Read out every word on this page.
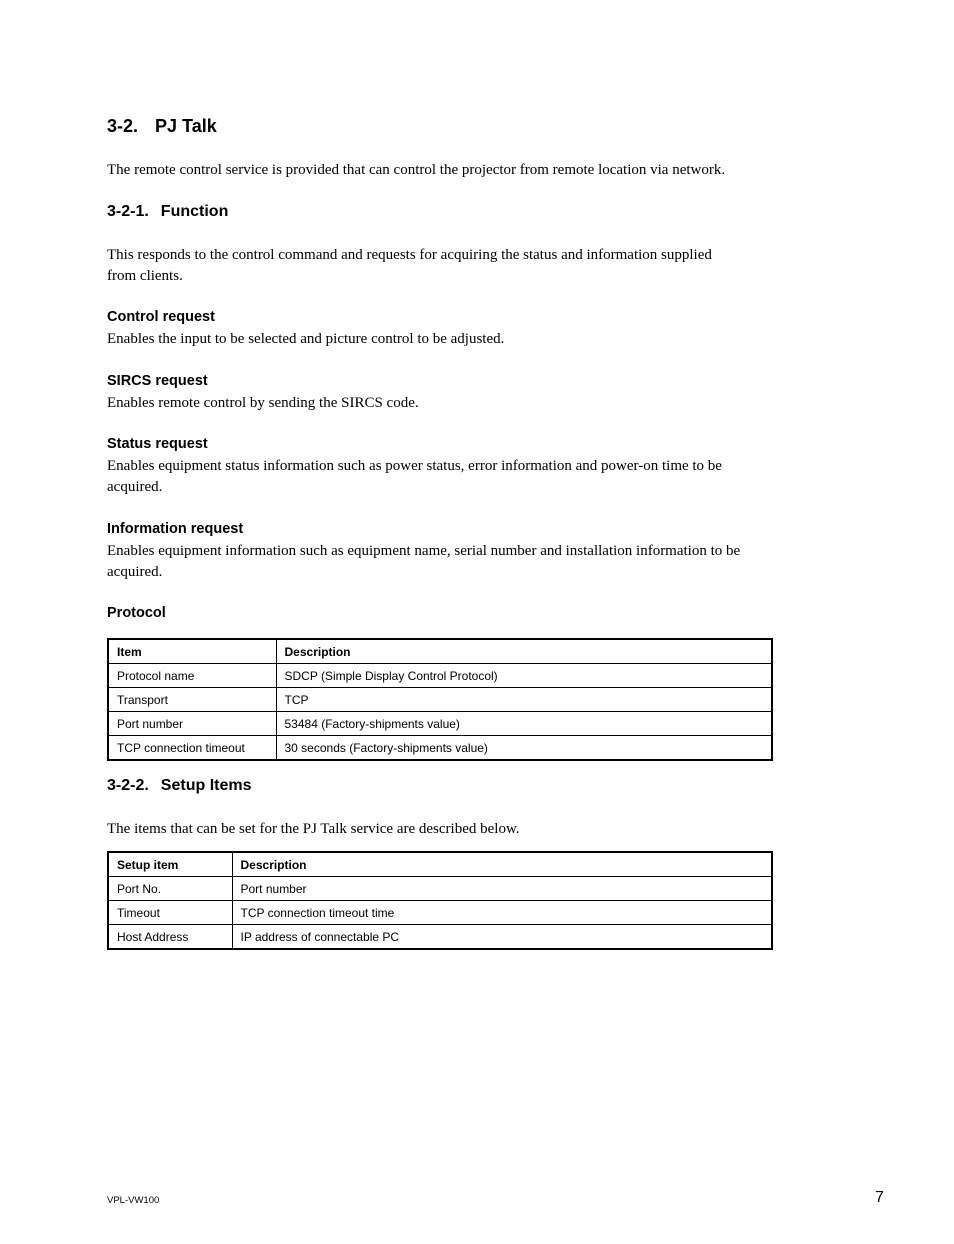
3-2. PJ Talk
The remote control service is provided that can control the projector from remote location via network.
3-2-1. Function
This responds to the control command and requests for acquiring the status and information supplied
from clients.
Control request
Enables the input to be selected and picture control to be adjusted.
SIRCS request
Enables remote control by sending the SIRCS code.
Status request
Enables equipment status information such as power status, error information and power-on time to be
acquired.
Information request
Enables equipment information such as equipment name, serial number and installation information to be
acquired.
Protocol
Item	Description
Protocol name	SDCP (Simple Display Control Protocol)
Transport	TCP
Port number	53484 (Factory-shipments value)
TCP connection timeout	30 seconds (Factory-shipments value)
3-2-2. Setup Items
The items that can be set for the PJ Talk service are described below.
Setup item	Description
Port No.	Port number
Timeout	TCP connection timeout time
Host Address	IP address of connectable PC
VPL-VW100	7
